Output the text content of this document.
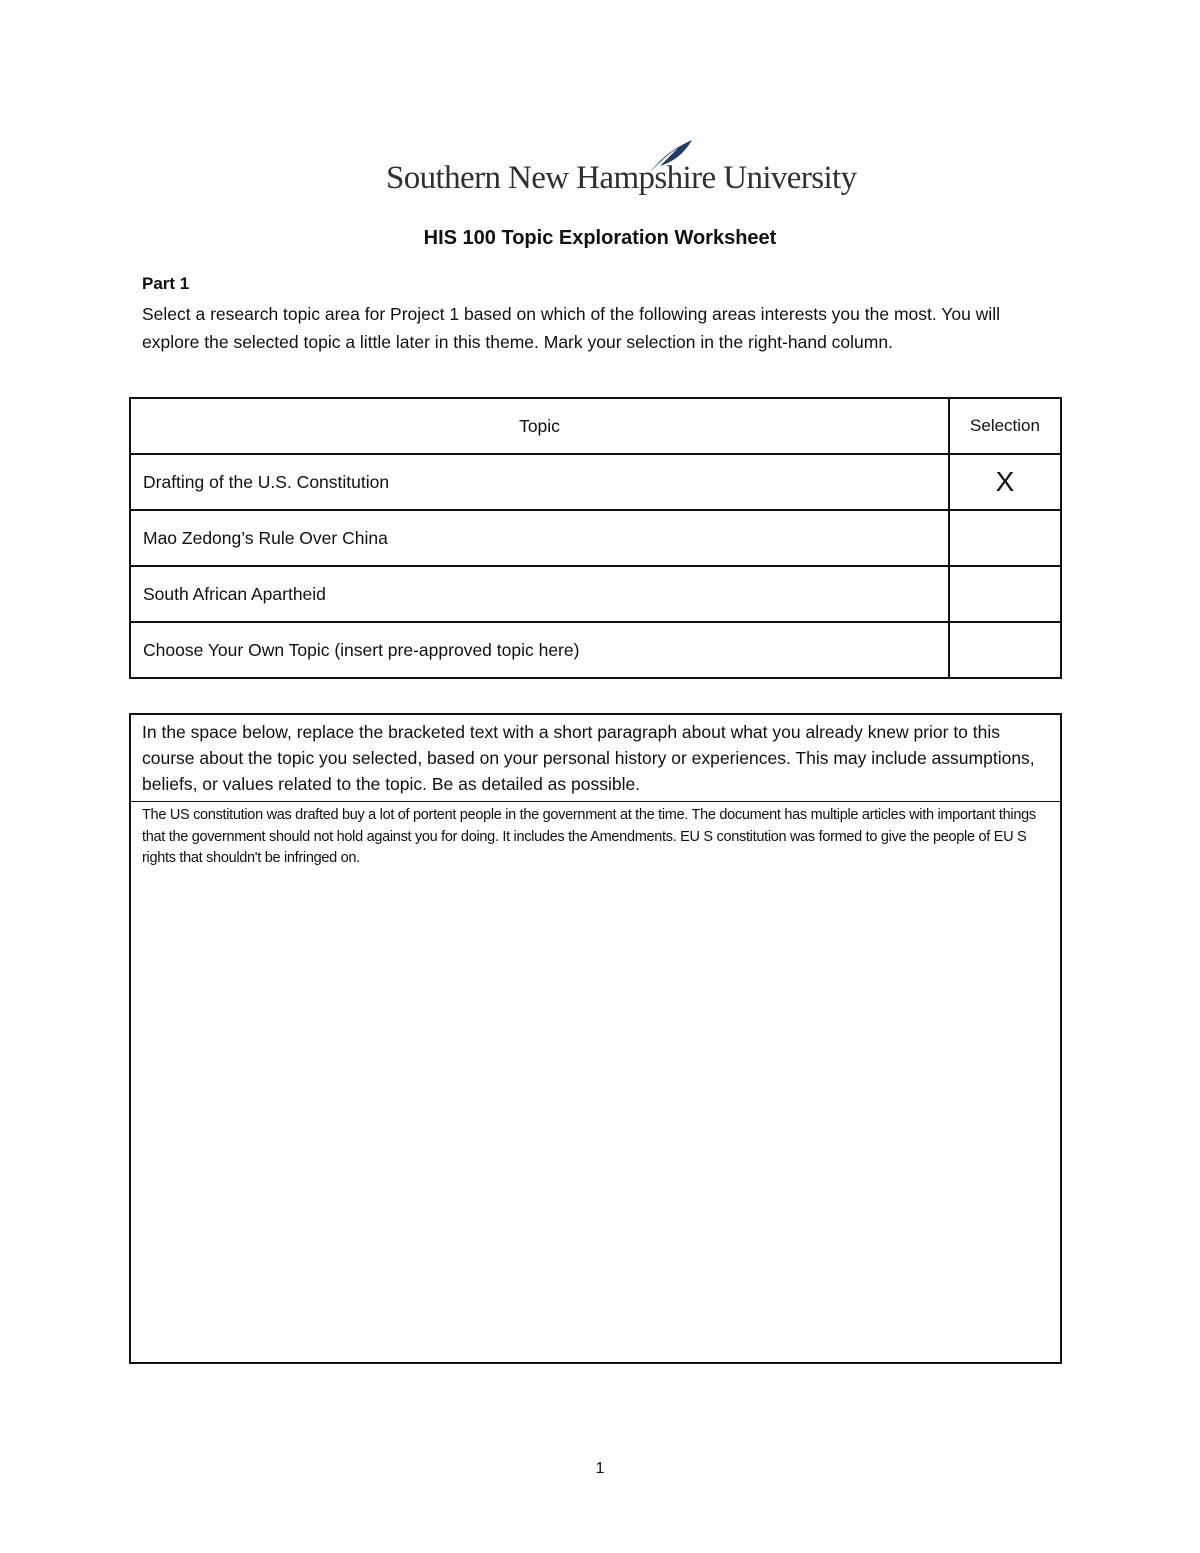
Southern New Hampshire University
HIS 100 Topic Exploration Worksheet
Part 1
Select a research topic area for Project 1 based on which of the following areas interests you the most. You will explore the selected topic a little later in this theme. Mark your selection in the right-hand column.
Topic	Selection
Drafting of the U.S. Constitution	X
Mao Zedong’s Rule Over China	
South African Apartheid	
Choose Your Own Topic (insert pre-approved topic here)	
In the space below, replace the bracketed text with a short paragraph about what you already knew prior to this course about the topic you selected, based on your personal history or experiences. This may include assumptions, beliefs, or values related to the topic. Be as detailed as possible.
The US constitution was drafted buy a lot of portent people in the government at the time. The document has multiple articles with important things that the government should not hold against you for doing. It includes the Amendments. EU S constitution was formed to give the people of EU S rights that shouldn't be infringed on.
1
